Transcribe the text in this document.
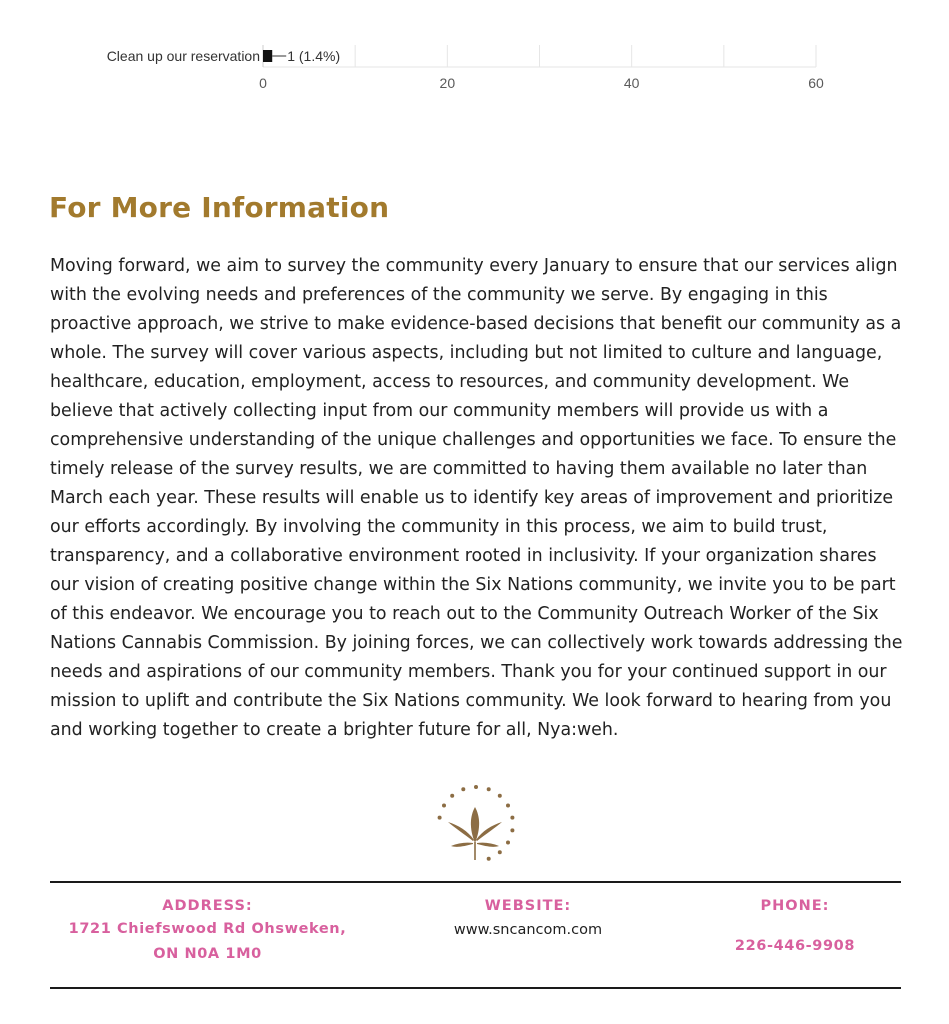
1 (1.4%)
Clean up our reservation
0	20	40	60
For More Information

Moving forward, we aim to survey the community every January to ensure that our services align with the evolving needs and preferences of the community we serve. By engaging in this proactive approach, we strive to make evidence-based decisions that benefit our community as a whole. The survey will cover various aspects, including but not limited to culture and language, healthcare, education, employment, access to resources, and community development. We believe that actively collecting input from our community members will provide us with a comprehensive understanding of the unique challenges and opportunities we face. To ensure the timely release of the survey results, we are committed to having them available no later than March each year. These results will enable us to identify key areas of improvement and prioritize our efforts accordingly. By involving the community in this process, we aim to build trust, transparency, and a collaborative environment rooted in inclusivity. If your organization shares our vision of creating positive change within the Six Nations community, we invite you to be part of this endeavor. We encourage you to reach out to the Community Outreach Worker of the Six Nations Cannabis Commission. By joining forces, we can collectively work towards addressing the needs and aspirations of our community members. Thank you for your continued support in our mission to uplift and contribute the Six Nations community. We look forward to hearing from you and working together to create a brighter future for all, Nya:weh.

ADDRESS:
1721 Chiefswood Rd Ohsweken,
ON N0A 1M0
WEBSITE:
www.sncancom.com
PHONE:
226-446-9908
